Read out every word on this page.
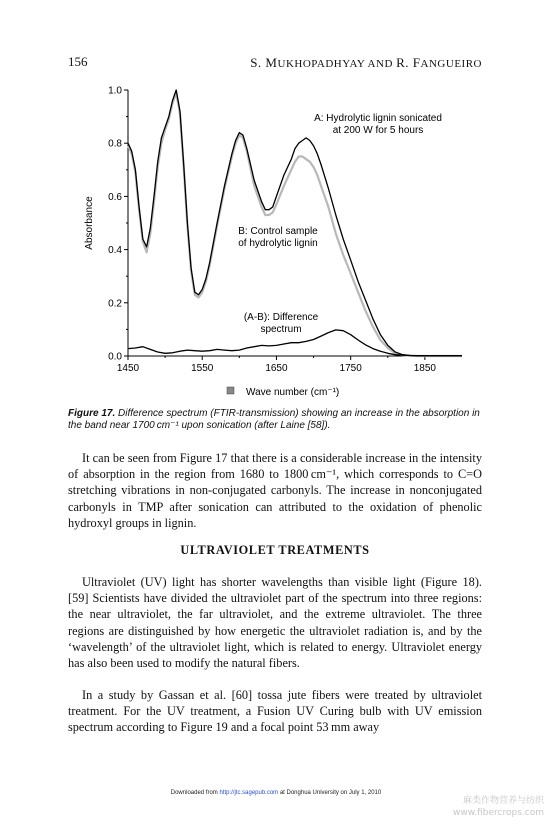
156	S. MUKHOPADHYAY AND R. FANGUEIRO
0.0
0.2
0.4
0.6
0.8
1.0
1450	1550	1650	1750	1850
Absorbance
Wave number (cm⁻¹)
A: Hydrolytic lignin sonicated
at 200 W for 5 hours
B: Control sample
of hydrolytic lignin
(A-B): Difference
spectrum
Figure 17. Difference spectrum (FTIR-transmission) showing an increase in the absorption in the band near 1700 cm⁻¹ upon sonication (after Laine [58]).
It can be seen from Figure 17 that there is a considerable increase in the intensity of absorption in the region from 1680 to 1800 cm⁻¹, which corresponds to C=O stretching vibrations in non-conjugated carbonyls. The increase in nonconjugated carbonyls in TMP after sonication can attributed to the oxidation of phenolic hydroxyl groups in lignin.
ULTRAVIOLET TREATMENTS
Ultraviolet (UV) light has shorter wavelengths than visible light (Figure 18). [59] Scientists have divided the ultraviolet part of the spectrum into three regions: the near ultraviolet, the far ultraviolet, and the extreme ultraviolet. The three regions are distinguished by how energetic the ultraviolet radiation is, and by the ‘wavelength’ of the ultraviolet light, which is related to energy. Ultraviolet energy has also been used to modify the natural fibers.
In a study by Gassan et al. [60] tossa jute fibers were treated by ultraviolet treatment. For the UV treatment, a Fusion UV Curing bulb with UV emission spectrum according to Figure 19 and a focal point 53 mm away
Downloaded from http://jtc.sagepub.com at Donghua University on July 1, 2010
麻类作物营养与纺织
www.fibercrops.com
